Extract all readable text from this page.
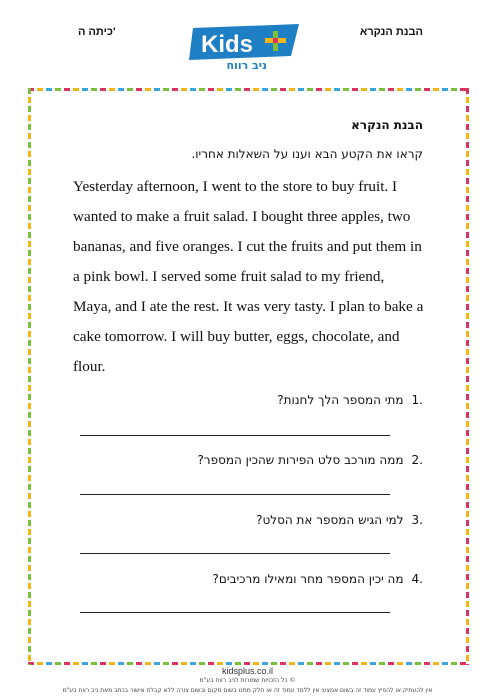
כיתה ה'	הבנת הנקרא
Kids
ניב רווח
הבנת הנקרא
קראו את הקטע הבא וענו על השאלות אחריו.

Yesterday afternoon, I went to the store to buy fruit. I wanted to make a fruit salad. I bought three apples, two bananas, and five oranges. I cut the fruits and put them in a pink bowl. I served some fruit salad to my friend, Maya, and I ate the rest. It was very tasty. I plan to bake a cake tomorrow. I will buy butter, eggs, chocolate, and flour.

.1מתי המספר הלך לחנות?
.2ממה מורכב סלט הפירות שהכין המספר?
.3למי הגיש המספר את הסלט?
.4מה יכין המספר מחר ומאילו מרכיבים?
kidsplus.co.il
© כל הזכויות שמורות לניב רווח בע"מ
אין להעתיק או להפיץ עמוד זה בשום אמצעי אין ללמד עמוד זה או חלק ממנו בשום מקום ובשום צורה ללא קבלת אישור בכתב מאת ניב רווח בע"מ
